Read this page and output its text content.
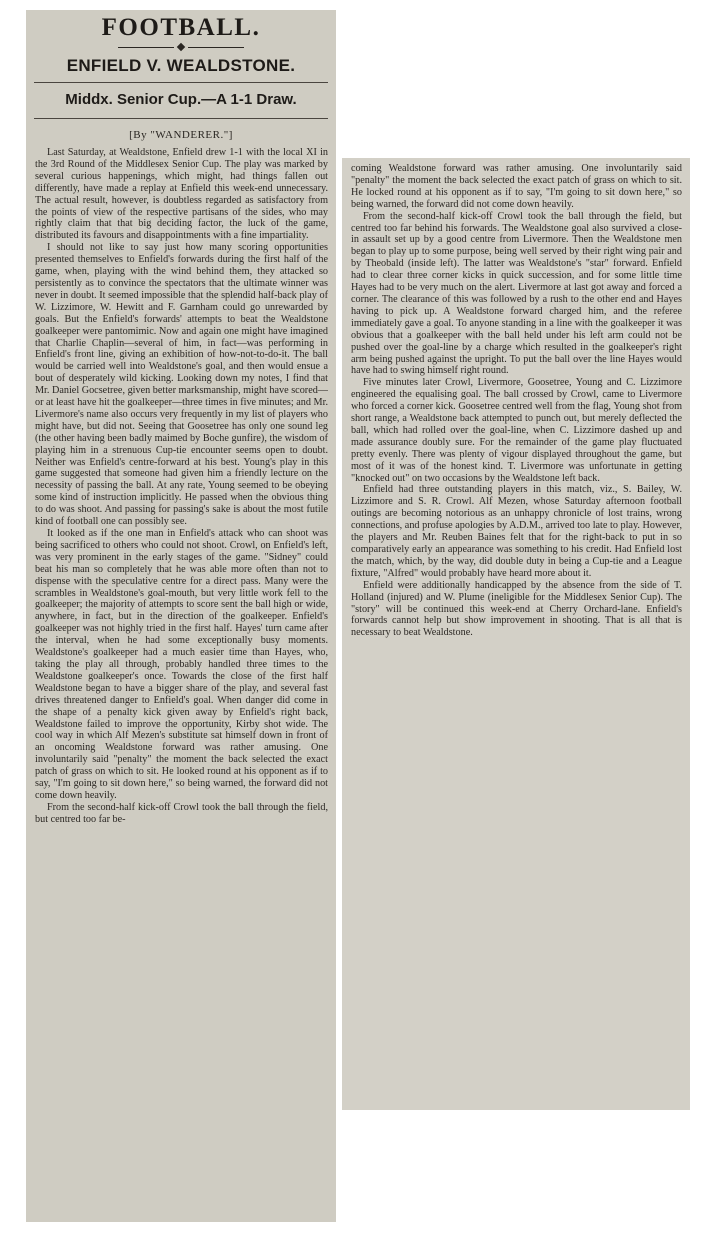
FOOTBALL.
ENFIELD V. WEALDSTONE.
Middx. Senior Cup.—A 1-1 Draw.
[By "WANDERER."]

Last Saturday, at Wealdstone, Enfield drew 1-1 with the local XI in the 3rd Round of the Middlesex Senior Cup. The play was marked by several curious happenings, which might, had things fallen out differently, have made a replay at Enfield this week-end unnecessary. The actual result, however, is doubtless regarded as satisfactory from the points of view of the respective partisans of the sides, who may rightly claim that that big deciding factor, the luck of the game, distributed its favours and disappointments with a fine impartiality.

I should not like to say just how many scoring opportunities presented themselves to Enfield's forwards during the first half of the game, when, playing with the wind behind them, they attacked so persistently as to convince the spectators that the ultimate winner was never in doubt. It seemed impossible that the splendid half-back play of W. Lizzimore, W. Hewitt and F. Garnham could go unrewarded by goals. But the Enfield's forwards' attempts to beat the Wealdstone goalkeeper were pantomimic. Now and again one might have imagined that Charlie Chaplin—several of him, in fact—was performing in Enfield's front line, giving an exhibition of how-not-to-do-it. The ball would be carried well into Wealdstone's goal, and then would ensue a bout of desperately wild kicking. Looking down my notes, I find that Mr. Daniel Gocsetree, given better marksmanship, might have scored—or at least have hit the goalkeeper—three times in five minutes; and Mr. Livermore's name also occurs very frequently in my list of players who might have, but did not. Seeing that Goosetree has only one sound leg (the other having been badly maimed by Boche gunfire), the wisdom of playing him in a strenuous Cup-tie encounter seems open to doubt. Neither was Enfield's centre-forward at his best. Young's play in this game suggested that someone had given him a friendly lecture on the necessity of passing the ball. At any rate, Young seemed to be obeying some kind of instruction implicitly. He passed when the obvious thing to do was shoot. And passing for passing's sake is about the most futile kind of football one can possibly see.

It looked as if the one man in Enfield's attack who can shoot was being sacrificed to others who could not shoot. Crowl, on Enfield's left, was very prominent in the early stages of the game. "Sidney" could beat his man so completely that he was able more often than not to dispense with the speculative centre for a direct pass. Many were the scrambles in Wealdstone's goal-mouth, but very little work fell to the goalkeeper; the majority of attempts to score sent the ball high or wide, anywhere, in fact, but in the direction of the goalkeeper. Enfield's goalkeeper was not highly tried in the first half. Hayes' turn came after the interval, when he had some exceptionally busy moments. Wealdstone's goalkeeper had a much easier time than Hayes, who, taking the play all through, probably handled three times to the Wealdstone goalkeeper's once. Towards the close of the first half Wealdstone began to have a bigger share of the play, and several fast drives threatened danger to Enfield's goal. When danger did come in the shape of a penalty kick given away by Enfield's right back, Wealdstone failed to improve the opportunity, Kirby shot wide. The cool way in which Alf Mezen's substitute sat himself down in front of an oncoming Wealdstone forward was rather amusing. One involuntarily said "penalty" the moment the back selected the exact patch of grass on which to sit. He looked round at his opponent as if to say, "I'm going to sit down here," so being warned, the forward did not come down heavily.

From the second-half kick-off Crowl took the ball through the field, but centred too far be-

coming Wealdstone forward was rather amusing. One involuntarily said "penalty" the moment the back selected the exact patch of grass on which to sit. He locked round at his opponent as if to say, "I'm going to sit down here," so being warned, the forward did not come down heavily.

From the second-half kick-off Crowl took the ball through the field, but centred too far behind his forwards. The Wealdstone goal also survived a close-in assault set up by a good centre from Livermore. Then the Wealdstone men began to play up to some purpose, being well served by their right wing pair and by Theobald (inside left). The latter was Wealdstone's "star" forward. Enfield had to clear three corner kicks in quick succession, and for some little time Hayes had to be very much on the alert. Livermore at last got away and forced a corner. The clearance of this was followed by a rush to the other end and Hayes having to pick up. A Wealdstone forward charged him, and the referee immediately gave a goal. To anyone standing in a line with the goalkeeper it was obvious that a goalkeeper with the ball held under his left arm could not be pushed over the goal-line by a charge which resulted in the goalkeeper's right arm being pushed against the upright. To put the ball over the line Hayes would have had to swing himself right round.

Five minutes later Crowl, Livermore, Goosetree, Young and C. Lizzimore engineered the equalising goal. The ball crossed by Crowl, came to Livermore who forced a corner kick. Goosetree centred well from the flag, Young shot from short range, a Wealdstone back attempted to punch out, but merely deflected the ball, which had rolled over the goal-line, when C. Lizzimore dashed up and made assurance doubly sure. For the remainder of the game play fluctuated pretty evenly. There was plenty of vigour displayed throughout the game, but most of it was of the honest kind. T. Livermore was unfortunate in getting "knocked out" on two occasions by the Wealdstone left back.

Enfield had three outstanding players in this match, viz., S. Bailey, W. Lizzimore and S. R. Crowl. Alf Mezen, whose Saturday afternoon football outings are becoming notorious as an unhappy chronicle of lost trains, wrong connections, and profuse apologies by A.D.M., arrived too late to play. However, the players and Mr. Reuben Baines felt that for the right-back to put in so comparatively early an appearance was something to his credit. Had Enfield lost the match, which, by the way, did double duty in being a Cup-tie and a League fixture, "Alfred" would probably have heard more about it.

Enfield were additionally handicapped by the absence from the side of T. Holland (injured) and W. Plume (ineligible for the Middlesex Senior Cup). The "story" will be continued this week-end at Cherry Orchard-lane. Enfield's forwards cannot help but show improvement in shooting. That is all that is necessary to beat Wealdstone.
